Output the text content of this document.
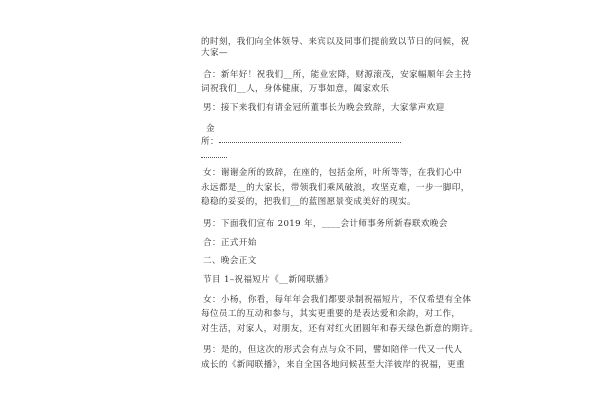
的时刻，我们向全体领导、来宾以及同事们提前致以节日的问候，祝
大家—
合：新年好！祝我们__所，能业宏降，财源滚茂，安家幅顺年会主持
词祝我们__人，身体健康，万事如意，阖家欢乐
男：接下来我们有请金冠所董事长为晚会致辞，大家掌声欢迎
金
所：
女：谢谢金所的致辞，在座的，包括金所，叶所等等，在我们心中
永远都是__的大家长，带领我们乘风破浪，攻坚克难，一步一脚印，
稳稳的妥妥的，把我们__的蓝图愿景变成美好的现实。
男：下面我们宣布 2019 年，____会计师事务所新春联欢晚会
合：正式开始
二、晚会正文
节目 1–祝福短片《__新闻联播》
女：小杨，你看，每年年会我们都要录制祝福短片，不仅希望有全体
每位员工的互动和参与，其实更重要的是表达爱和余韵，对工作，
对生活，对家人，对朋友，还有对红火团圆年和春天绿色新意的期许。
男：是的，但这次的形式会有点与众不同，譬如陪伴一代又一代人
成长的《新闻联播》，来自全国各地问候甚至大洋彼岸的祝福，更重
